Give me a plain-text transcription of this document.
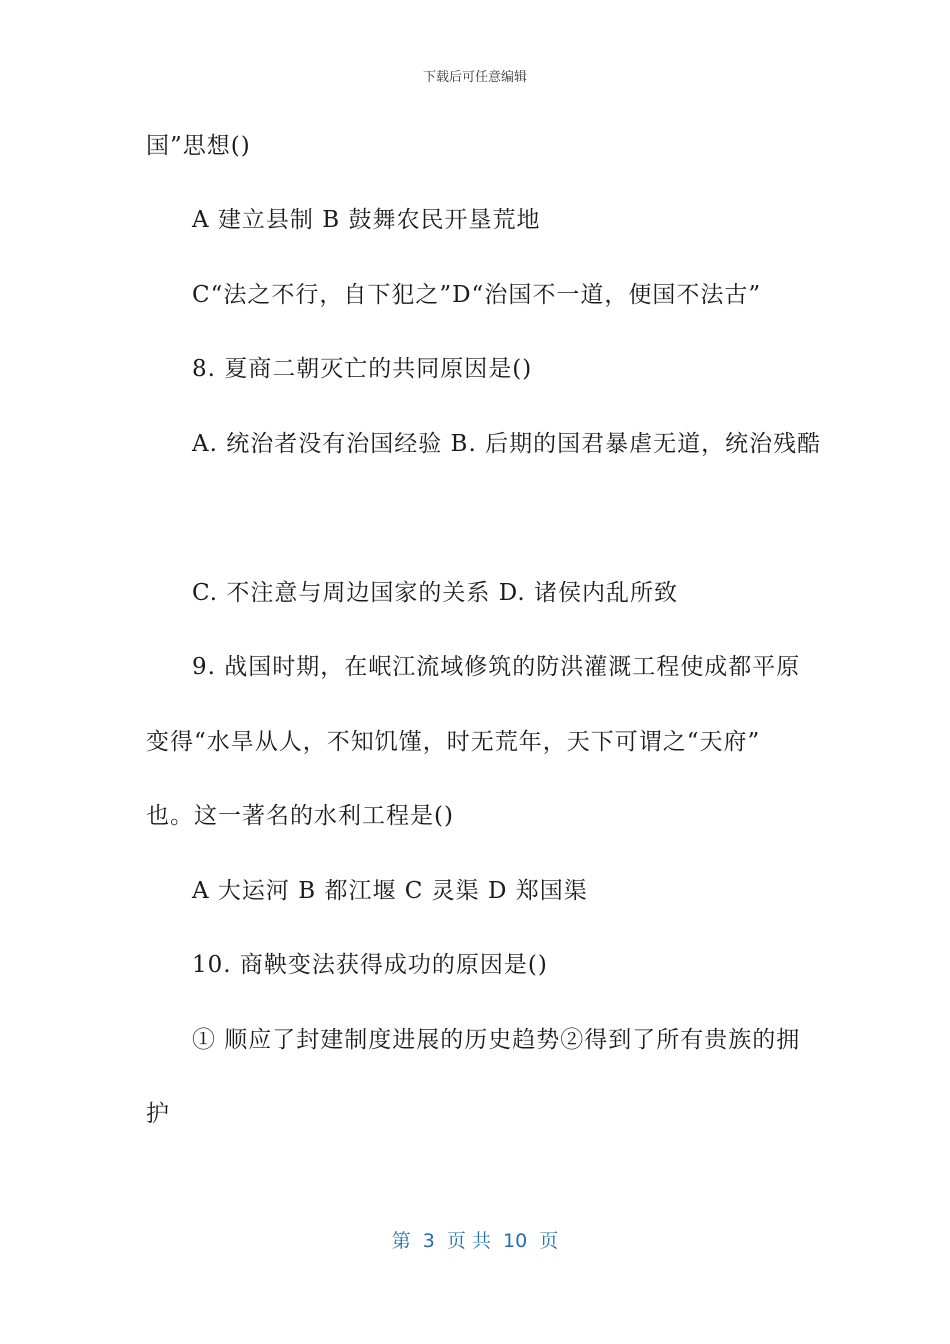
下载后可任意编辑
国”思想()
A 建立县制 B 鼓舞农民开垦荒地
C“法之不行，自下犯之”D“治国不一道，便国不法古”
8. 夏商二朝灭亡的共同原因是()
A. 统治者没有治国经验 B. 后期的国君暴虐无道，统治残酷
C. 不注意与周边国家的关系 D. 诸侯内乱所致
9. 战国时期，在岷江流域修筑的防洪灌溉工程使成都平原
变得“水旱从人，不知饥馑，时无荒年，天下可谓之“天府”
也。这一著名的水利工程是()
A 大运河 B 都江堰 C 灵渠 D 郑国渠
10. 商鞅变法获得成功的原因是()
① 顺应了封建制度进展的历史趋势②得到了所有贵族的拥
护
第  3  页 共  10  页
